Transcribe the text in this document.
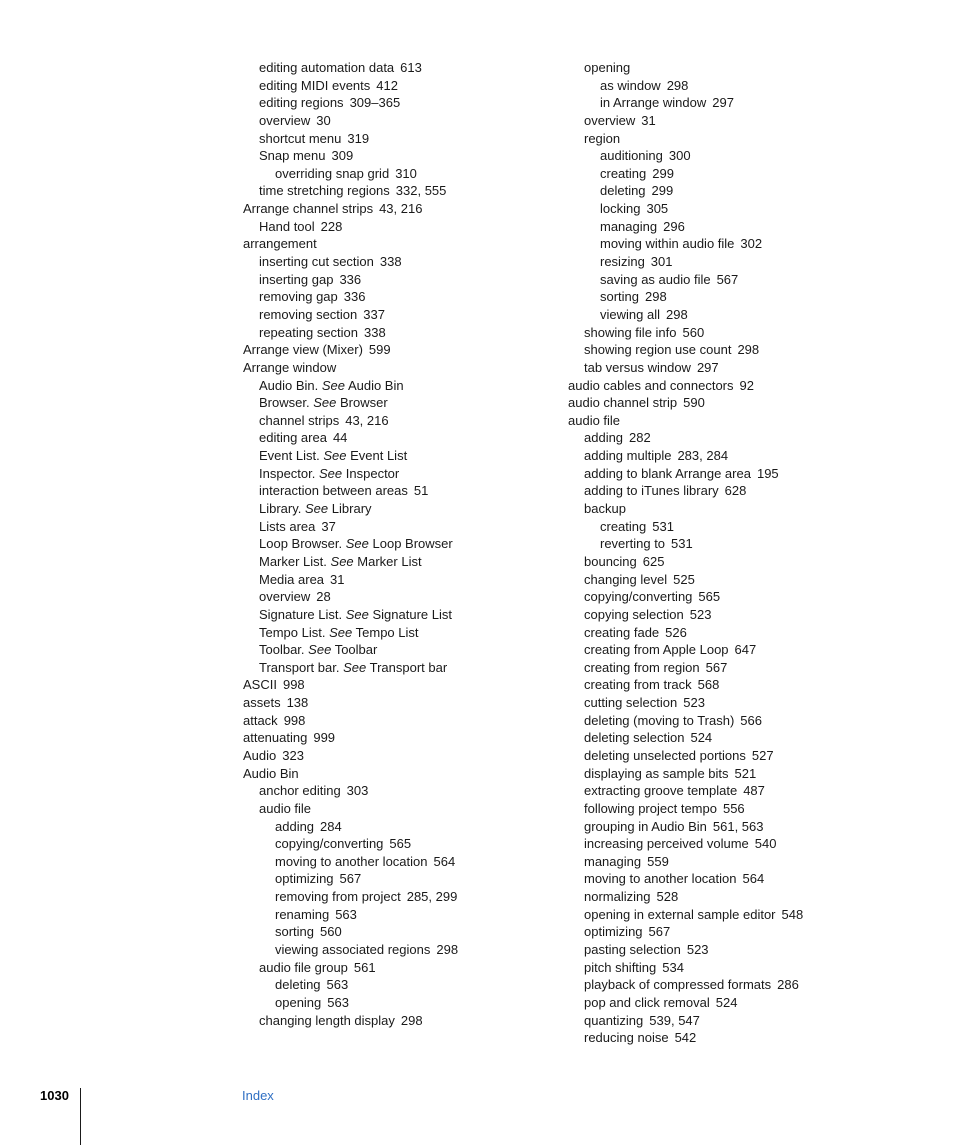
editing automation data 613
editing MIDI events 412
editing regions 309–365
overview 30
shortcut menu 319
Snap menu 309
overriding snap grid 310
time stretching regions 332, 555
Arrange channel strips 43, 216
Hand tool 228
arrangement
inserting cut section 338
inserting gap 336
removing gap 336
removing section 337
repeating section 338
Arrange view (Mixer) 599
Arrange window
Audio Bin. See Audio Bin
Browser. See Browser
channel strips 43, 216
editing area 44
Event List. See Event List
Inspector. See Inspector
interaction between areas 51
Library. See Library
Lists area 37
Loop Browser. See Loop Browser
Marker List. See Marker List
Media area 31
overview 28
Signature List. See Signature List
Tempo List. See Tempo List
Toolbar. See Toolbar
Transport bar. See Transport bar
ASCII 998
assets 138
attack 998
attenuating 999
Audio 323
Audio Bin
anchor editing 303
audio file
adding 284
copying/converting 565
moving to another location 564
optimizing 567
removing from project 285, 299
renaming 563
sorting 560
viewing associated regions 298
audio file group 561
deleting 563
opening 563
changing length display 298
opening
as window 298
in Arrange window 297
overview 31
region
auditioning 300
creating 299
deleting 299
locking 305
managing 296
moving within audio file 302
resizing 301
saving as audio file 567
sorting 298
viewing all 298
showing file info 560
showing region use count 298
tab versus window 297
audio cables and connectors 92
audio channel strip 590
audio file
adding 282
adding multiple 283, 284
adding to blank Arrange area 195
adding to iTunes library 628
backup
creating 531
reverting to 531
bouncing 625
changing level 525
copying/converting 565
copying selection 523
creating fade 526
creating from Apple Loop 647
creating from region 567
creating from track 568
cutting selection 523
deleting (moving to Trash) 566
deleting selection 524
deleting unselected portions 527
displaying as sample bits 521
extracting groove template 487
following project tempo 556
grouping in Audio Bin 561, 563
increasing perceived volume 540
managing 559
moving to another location 564
normalizing 528
opening in external sample editor 548
optimizing 567
pasting selection 523
pitch shifting 534
playback of compressed formats 286
pop and click removal 524
quantizing 539, 547
reducing noise 542
1030	Index
